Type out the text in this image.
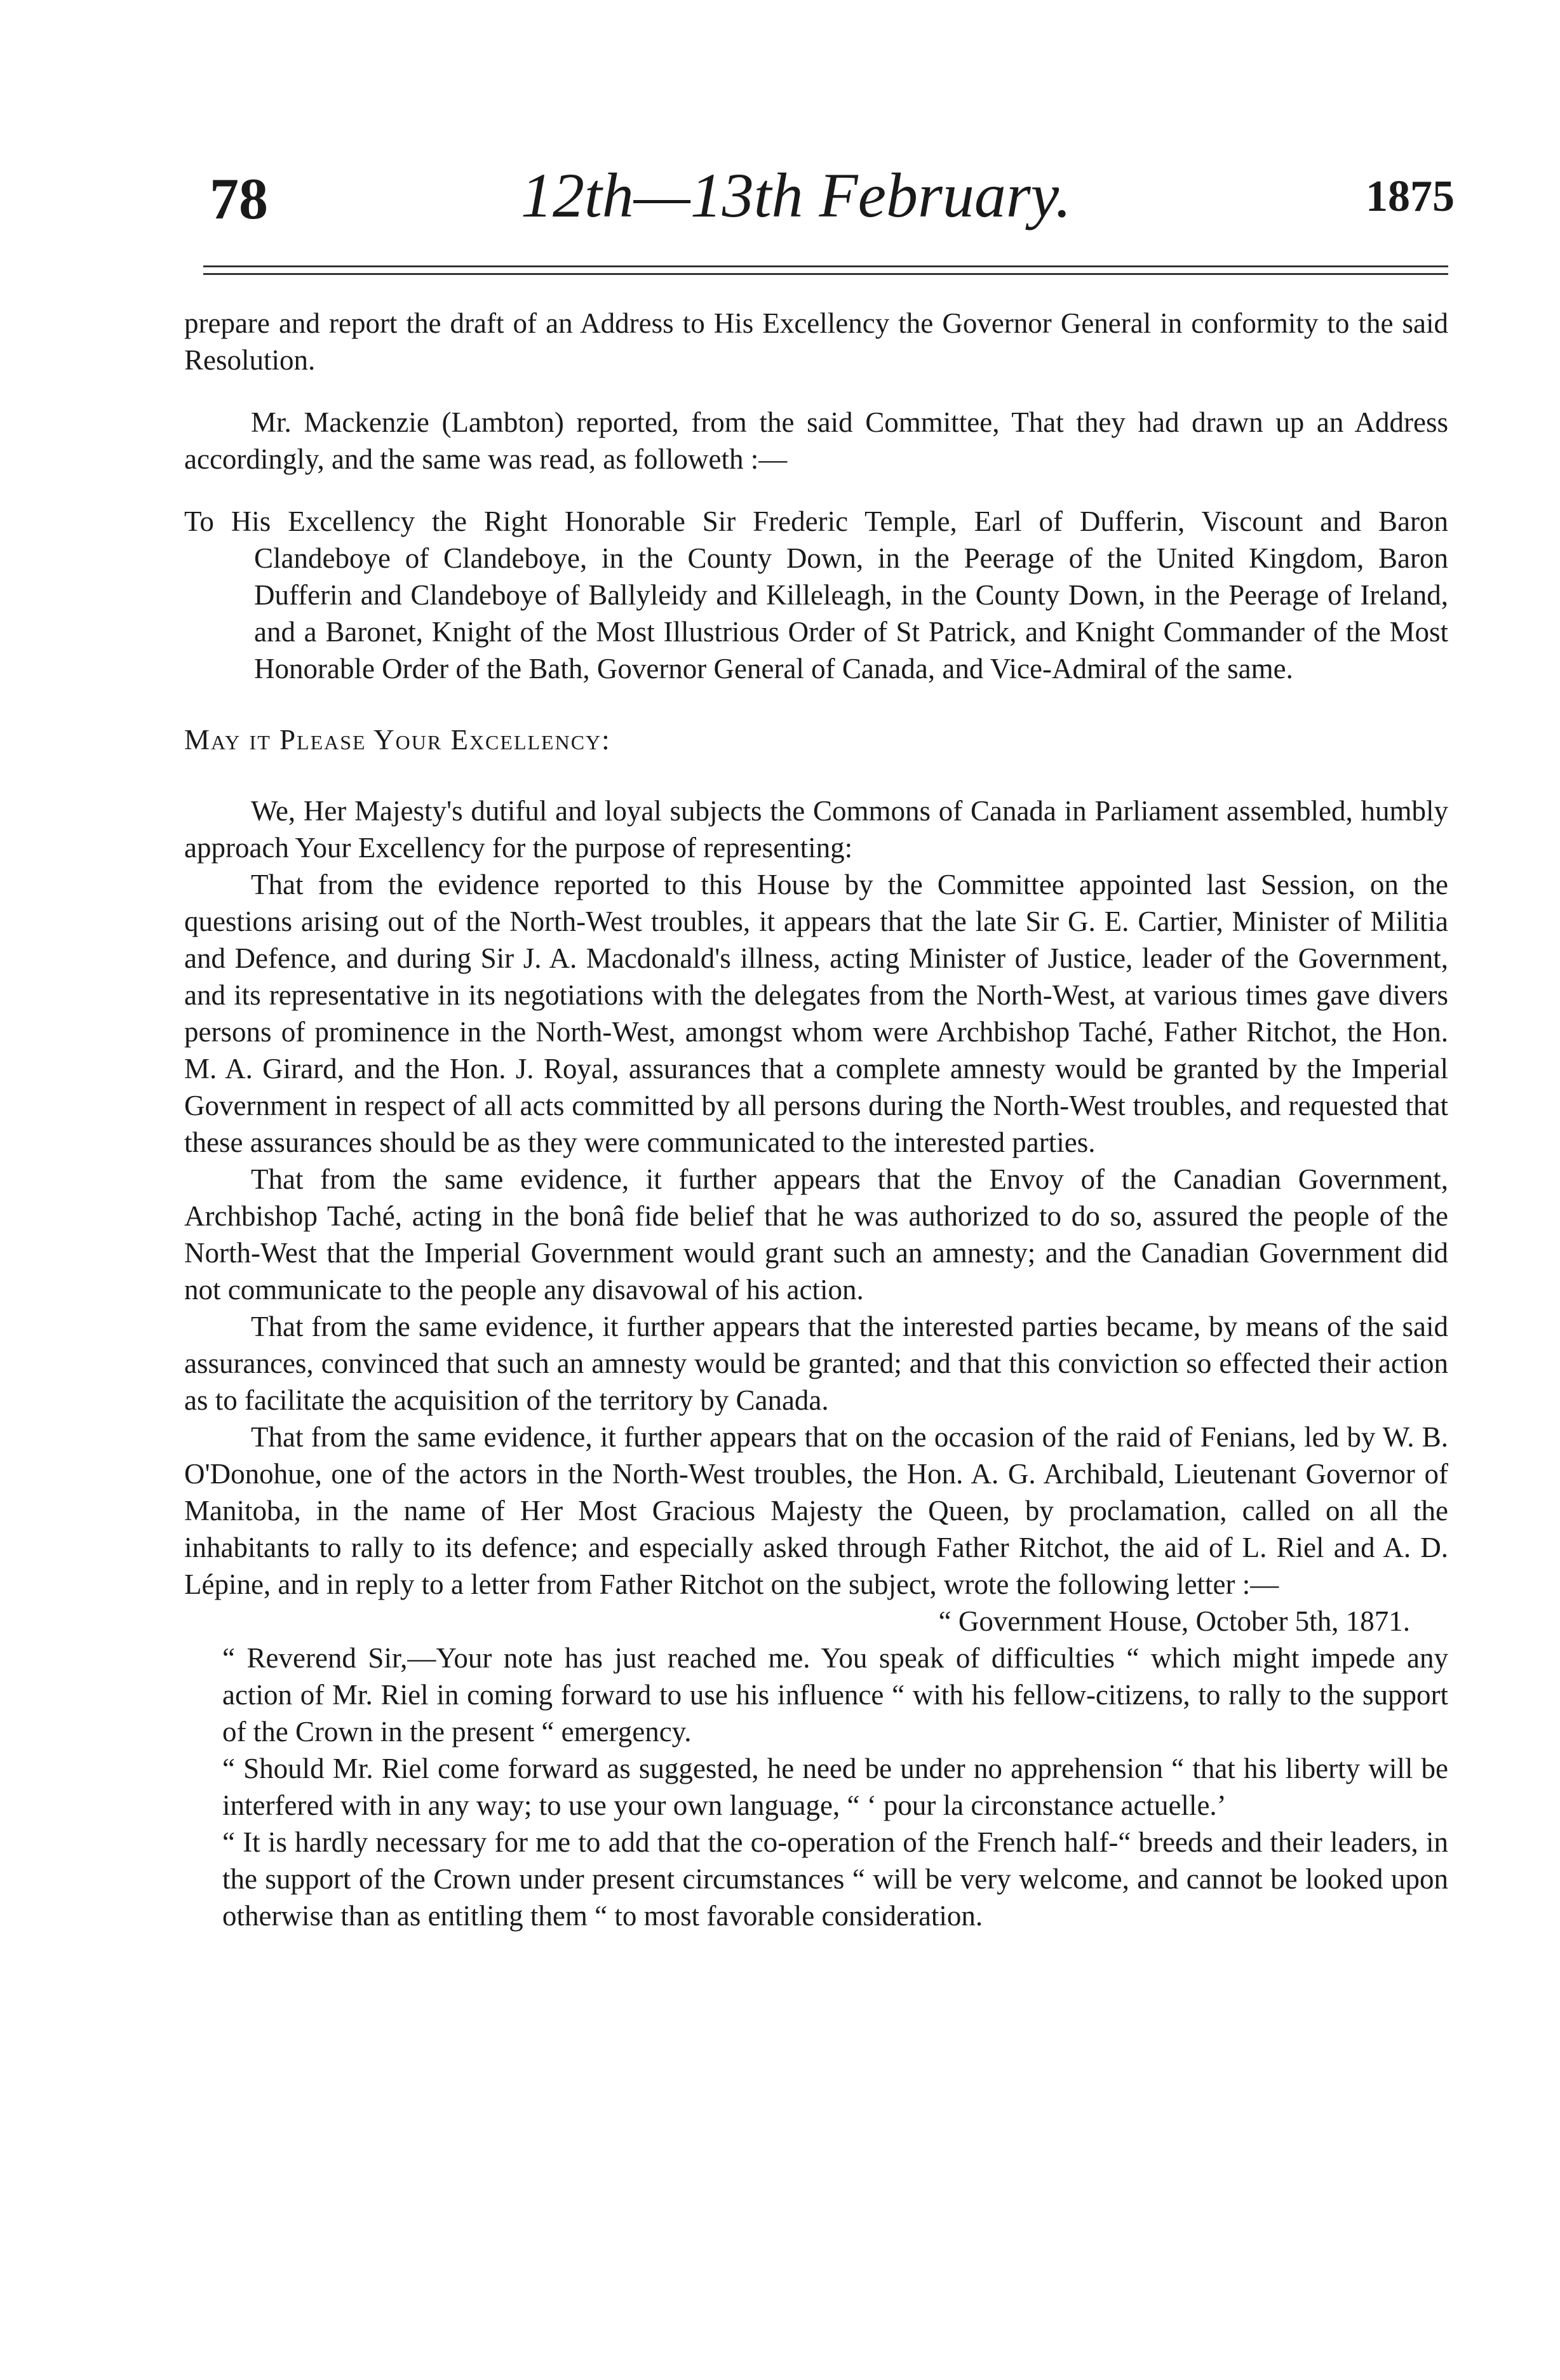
78	12th—13th February.	1875

prepare and report the draft of an Address to His Excellency the Governor General in conformity to the said Resolution.

Mr. Mackenzie (Lambton) reported, from the said Committee, That they had drawn up an Address accordingly, and the same was read, as followeth :—

To His Excellency the Right Honorable Sir Frederic Temple, Earl of Dufferin, Viscount and Baron Clandeboye of Clandeboye, in the County Down, in the Peerage of the United Kingdom, Baron Dufferin and Clandeboye of Ballyleidy and Killeleagh, in the County Down, in the Peerage of Ireland, and a Baronet, Knight of the Most Illustrious Order of St Patrick, and Knight Commander of the Most Honorable Order of the Bath, Governor General of Canada, and Vice-Admiral of the same.

May it Please Your Excellency:

We, Her Majesty's dutiful and loyal subjects the Commons of Canada in Parliament assembled, humbly approach Your Excellency for the purpose of representing:

That from the evidence reported to this House by the Committee appointed last Session, on the questions arising out of the North-West troubles, it appears that the late Sir G. E. Cartier, Minister of Militia and Defence, and during Sir J. A. Macdonald's illness, acting Minister of Justice, leader of the Government, and its representative in its negotiations with the delegates from the North-West, at various times gave divers persons of prominence in the North-West, amongst whom were Archbishop Taché, Father Ritchot, the Hon. M. A. Girard, and the Hon. J. Royal, assurances that a complete amnesty would be granted by the Imperial Government in respect of all acts committed by all persons during the North-West troubles, and requested that these assurances should be as they were communicated to the interested parties.

That from the same evidence, it further appears that the Envoy of the Canadian Government, Archbishop Taché, acting in the bonâ fide belief that he was authorized to do so, assured the people of the North-West that the Imperial Government would grant such an amnesty; and the Canadian Government did not communicate to the people any disavowal of his action.

That from the same evidence, it further appears that the interested parties became, by means of the said assurances, convinced that such an amnesty would be granted; and that this conviction so effected their action as to facilitate the acquisition of the territory by Canada.

That from the same evidence, it further appears that on the occasion of the raid of Fenians, led by W. B. O'Donohue, one of the actors in the North-West troubles, the Hon. A. G. Archibald, Lieutenant Governor of Manitoba, in the name of Her Most Gracious Majesty the Queen, by proclamation, called on all the inhabitants to rally to its defence; and especially asked through Father Ritchot, the aid of L. Riel and A. D. Lépine, and in reply to a letter from Father Ritchot on the subject, wrote the following letter :—

“ Government House, October 5th, 1871.

“ Reverend Sir,—Your note has just reached me. You speak of difficulties “ which might impede any action of Mr. Riel in coming forward to use his influence “ with his fellow-citizens, to rally to the support of the Crown in the present “ emergency.

“ Should Mr. Riel come forward as suggested, he need be under no apprehension “ that his liberty will be interfered with in any way; to use your own language, “ ‘ pour la circonstance actuelle.’

“ It is hardly necessary for me to add that the co-operation of the French half-“ breeds and their leaders, in the support of the Crown under present circumstances “ will be very welcome, and cannot be looked upon otherwise than as entitling them “ to most favorable consideration.
